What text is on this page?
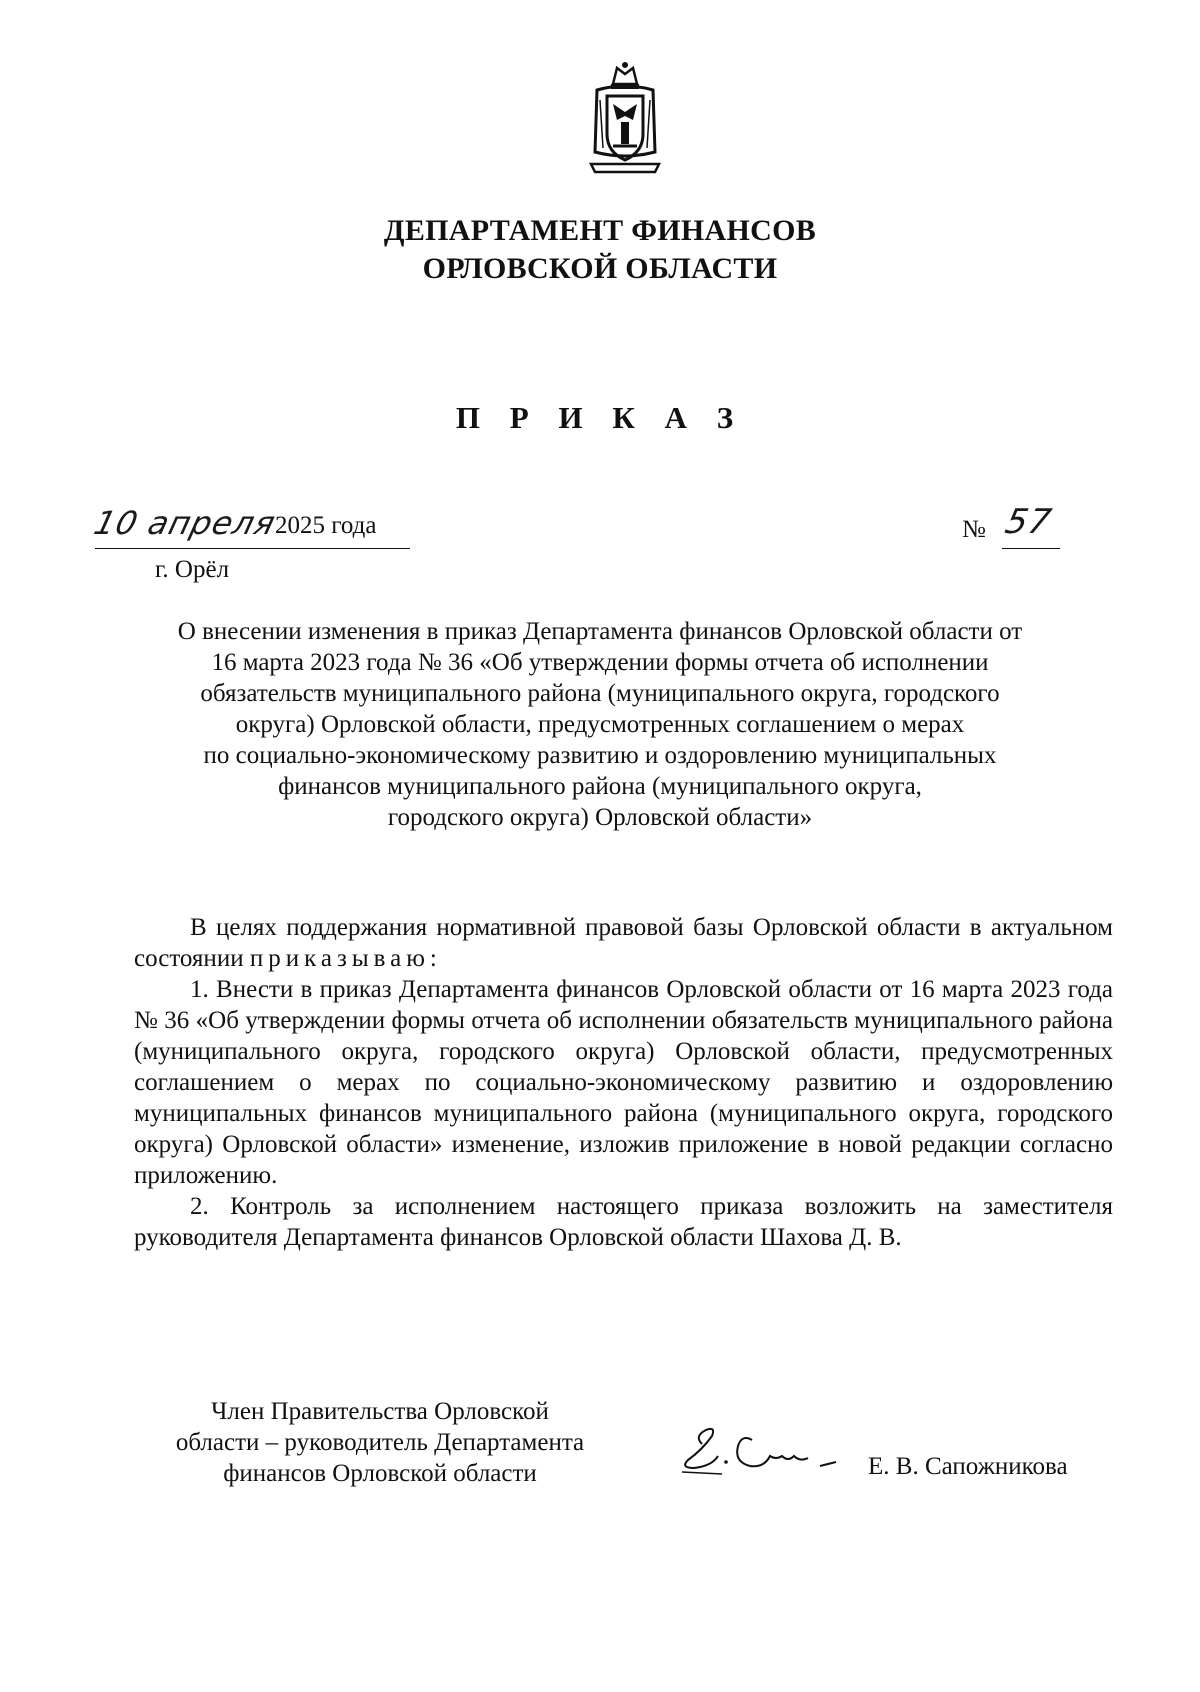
ДЕПАРТАМЕНТ ФИНАНСОВ
ОРЛОВСКОЙ ОБЛАСТИ
П Р И К А З
10 апреля
2025 года	№ 57
г. Орёл
О внесении изменения в приказ Департамента финансов Орловской области от
16 марта 2023 года № 36 «Об утверждении формы отчета об исполнении
обязательств муниципального района (муниципального округа, городского
округа) Орловской области, предусмотренных соглашением о мерах
по социально-экономическому развитию и оздоровлению муниципальных
финансов муниципального района (муниципального округа,
городского округа) Орловской области»

В целях поддержания нормативной правовой базы Орловской области в актуальном состоянии приказываю:

1. Внести в приказ Департамента финансов Орловской области от 16 марта 2023 года № 36 «Об утверждении формы отчета об исполнении обязательств муниципального района (муниципального округа, городского округа) Орловской области, предусмотренных соглашением о мерах по социально-экономическому развитию и оздоровлению муниципальных финансов муниципального района (муниципального округа, городского округа) Орловской области» изменение, изложив приложение в новой редакции согласно приложению.

2. Контроль за исполнением настоящего приказа возложить на заместителя руководителя Департамента финансов Орловской области Шахова Д. В.

Член Правительства Орловской
области – руководитель Департамента
финансов Орловской области	Е. В. Сапожникова
